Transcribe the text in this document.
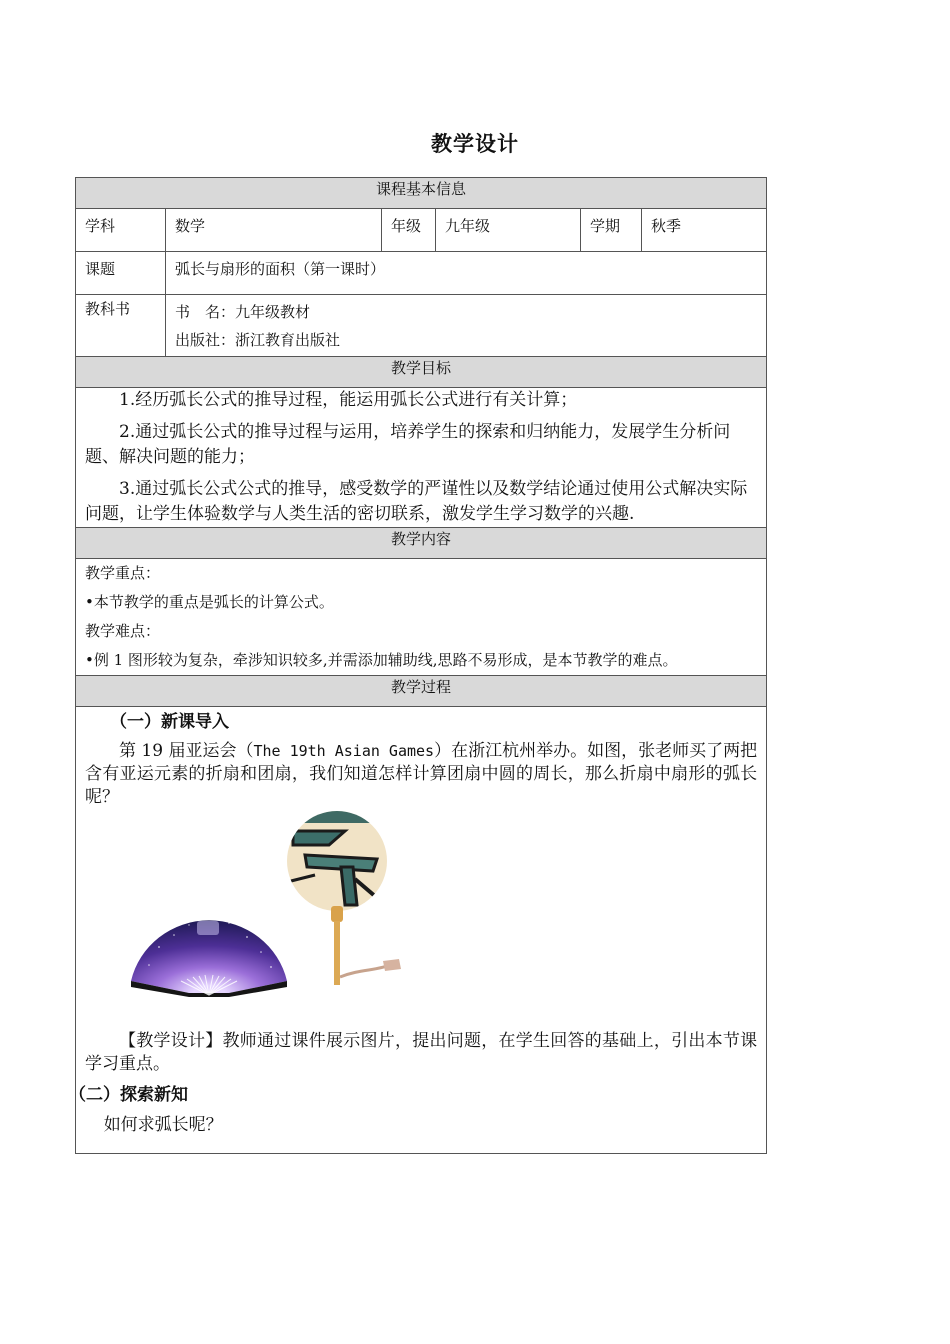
教学设计
课程基本信息					
学科	数学	年级	九年级	学期	秋季
课题	弧长与扇形的面积（第一课时）				
教科书	书　名：九年级教材
出版社：浙江教育出版社				

教学目标					

1.经历弧长公式的推导过程，能运用弧长公式进行有关计算；

2.通过弧长公式的推导过程与运用，培养学生的探索和归纳能力，发展学生分析问题、解决问题的能力；

3.通过弧长公式公式的推导，感受数学的严谨性以及数学结论通过使用公式解决实际问题，让学生体验数学与人类生活的密切联系，激发学生学习数学的兴趣.					

教学内容					

教学重点：

•本节教学的重点是弧长的计算公式。

教学难点：

•例 1 图形较为复杂，牵涉知识较多,并需添加辅助线,思路不易形成，是本节教学的难点。					

教学过程					

（一）新课导入

第 19 届亚运会（The 19th Asian Games）在浙江杭州举办。如图，张老师买了两把含有亚运元素的折扇和团扇，我们知道怎样计算团扇中圆的周长，那么折扇中扇形的弧长呢？

【教学设计】教师通过课件展示图片，提出问题，在学生回答的基础上，引出本节课学习重点。

（二）探索新知

如何求弧长呢？					
